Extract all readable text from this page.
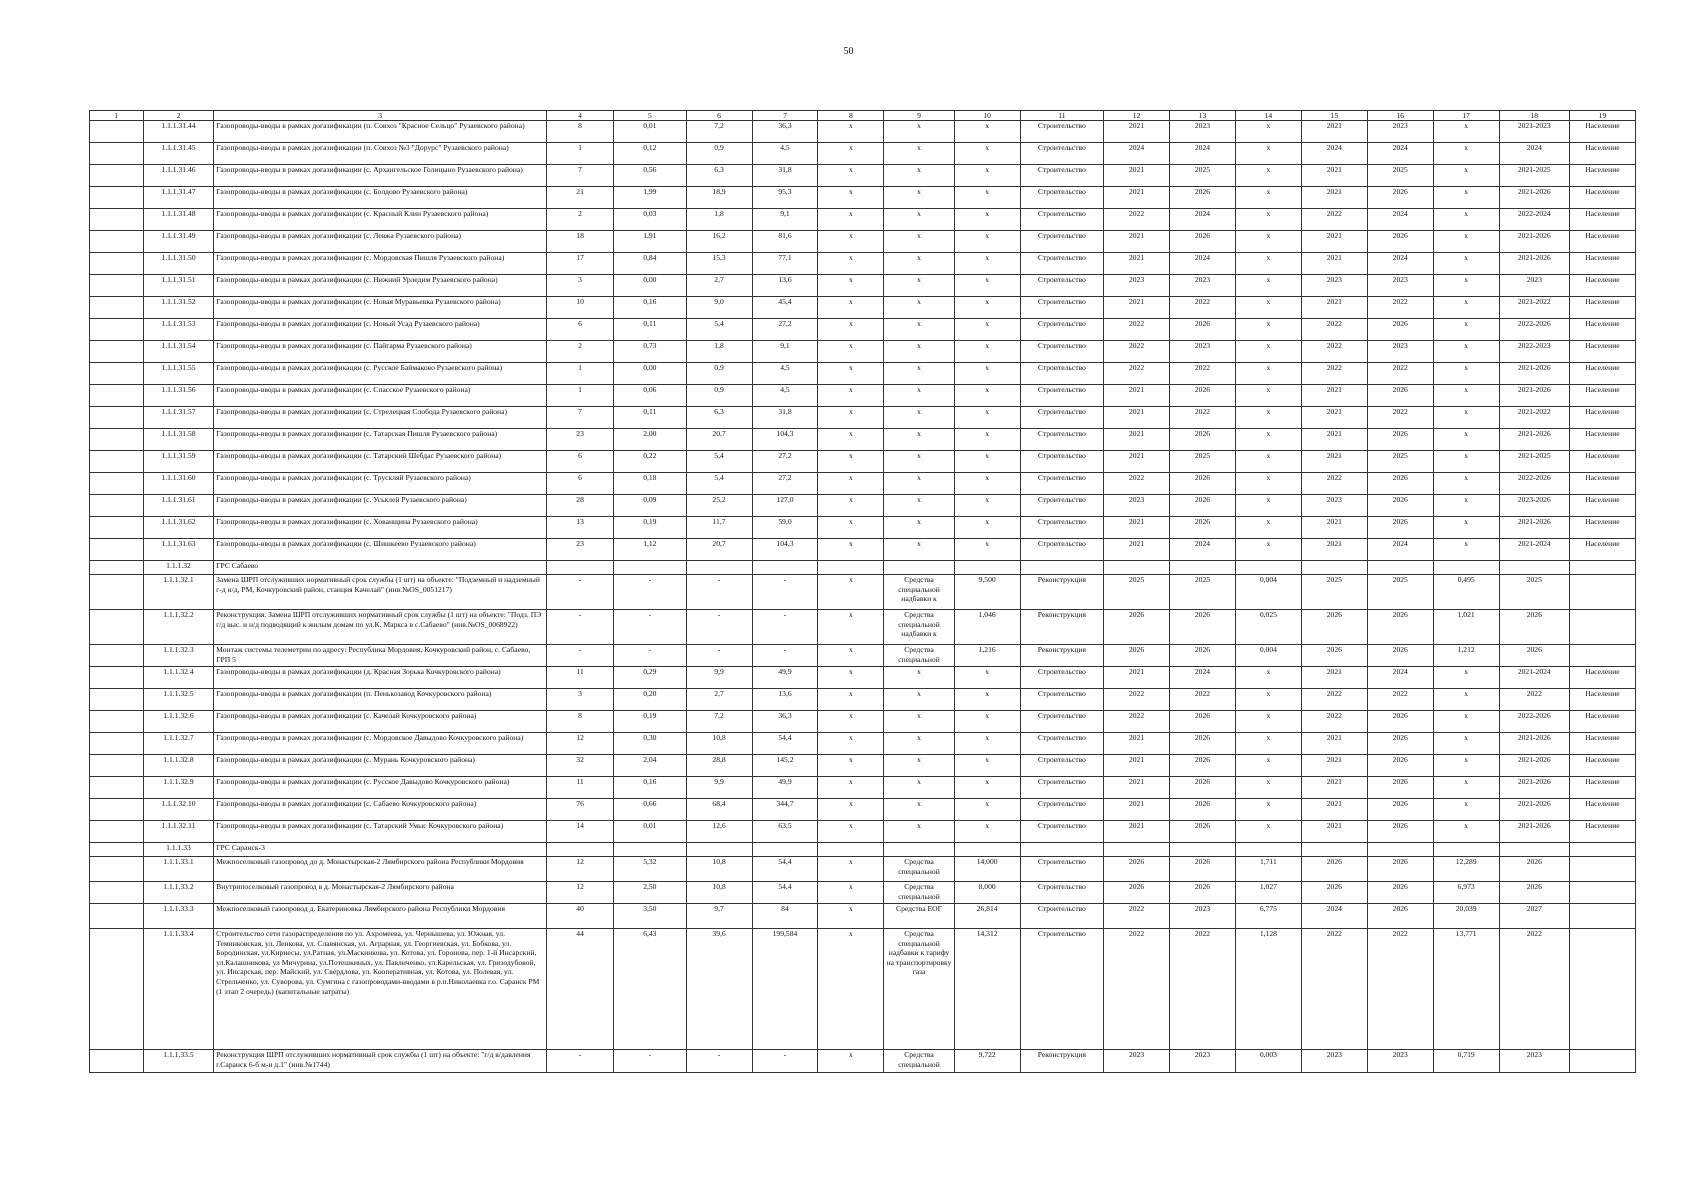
50
1	2	3	4	5	6	7	8	9	10	11	12	13	14	15	16	17	18	19
	1.1.1.31.44	Газопроводы-вводы в рамках догазификации (п. Совхоз "Красное Сельцо" Рузаевского района)	8	0,01	7,2	36,3	x	x	x	Строительство	2021	2023	x	2021	2023	x	2021-2023	Население
	1.1.1.31.45	Газопроводы-вводы в рамках догазификации (п. Совхоз №3 "Дорурс" Рузаевского района)	1	0,12	0,9	4,5	x	x	x	Строительство	2024	2024	x	2024	2024	x	2024	Население
	1.1.1.31.46	Газопроводы-вводы в рамках догазификации (с. Архангельское Голицыно Рузаевского района)	7	0,56	6,3	31,8	x	x	x	Строительство	2021	2025	x	2021	2025	x	2021-2025	Население
	1.1.1.31.47	Газопроводы-вводы в рамках догазификации (с. Болдово Рузаевского района)	21	1,99	18,9	95,3	x	x	x	Строительство	2021	2026	x	2021	2026	x	2021-2026	Население
	1.1.1.31.48	Газопроводы-вводы в рамках догазификации (с. Красный Клин Рузаевского района)	2	0,03	1,8	9,1	x	x	x	Строительство	2022	2024	x	2022	2024	x	2022-2024	Население
	1.1.1.31.49	Газопроводы-вводы в рамках догазификации (с. Левжа Рузаевского района)	18	1,91	16,2	81,6	x	x	x	Строительство	2021	2026	x	2021	2026	x	2021-2026	Население
	1.1.1.31.50	Газопроводы-вводы в рамках догазификации (с. Мордовская Пишля Рузаевского района)	17	0,84	15,3	77,1	x	x	x	Строительство	2021	2024	x	2021	2024	x	2021-2026	Население
	1.1.1.31.51	Газопроводы-вводы в рамках догазификации (с. Нижний Урледим Рузаевского района)	3	0,00	2,7	13,6	x	x	x	Строительство	2023	2023	x	2023	2023	x	2023	Население
	1.1.1.31.52	Газопроводы-вводы в рамках догазификации (с. Новая Муравьевка Рузаевского района)	10	0,16	9,0	45,4	x	x	x	Строительство	2021	2022	x	2021	2022	x	2021-2022	Население
	1.1.1.31.53	Газопроводы-вводы в рамках догазификации (с. Новый Усад Рузаевского района)	6	0,11	5,4	27,2	x	x	x	Строительство	2022	2026	x	2022	2026	x	2022-2026	Население
	1.1.1.31.54	Газопроводы-вводы в рамках догазификации (с. Пайгарма Рузаевского района)	2	0,73	1,8	9,1	x	x	x	Строительство	2022	2023	x	2022	2023	x	2022-2023	Население
	1.1.1.31.55	Газопроводы-вводы в рамках догазификации (с. Русское Баймаково Рузаевского района)	1	0,00	0,9	4,5	x	x	x	Строительство	2022	2022	x	2022	2022	x	2021-2026	Население
	1.1.1.31.56	Газопроводы-вводы в рамках догазификации (с. Спасское Рузаевского района)	1	0,06	0,9	4,5	x	x	x	Строительство	2021	2026	x	2021	2026	x	2021-2026	Население
	1.1.1.31.57	Газопроводы-вводы в рамках догазификации (с. Стрелецкая Слобода Рузаевского района)	7	0,11	6,3	31,8	x	x	x	Строительство	2021	2022	x	2021	2022	x	2021-2022	Население
	1.1.1.31.58	Газопроводы-вводы в рамках догазификации (с. Татарская Пишля Рузаевского района)	23	2,00	20,7	104,3	x	x	x	Строительство	2021	2026	x	2021	2026	x	2021-2026	Население
	1.1.1.31.59	Газопроводы-вводы в рамках догазификации (с. Татарский Шебдас Рузаевского района)	6	0,22	5,4	27,2	x	x	x	Строительство	2021	2025	x	2021	2025	x	2021-2025	Население
	1.1.1.31.60	Газопроводы-вводы в рамках догазификации (с. Трускляй Рузаевского района)	6	0,18	5,4	27,2	x	x	x	Строительство	2022	2026	x	2022	2026	x	2022-2026	Население
	1.1.1.31.61	Газопроводы-вводы в рамках догазификации (с. Уськлей Рузаевского района)	28	0,09	25,2	127,0	x	x	x	Строительство	2023	2026	x	2023	2026	x	2023-2026	Население
	1.1.1.31.62	Газопроводы-вводы в рамках догазификации (с. Хованщина Рузаевского района)	13	0,19	11,7	59,0	x	x	x	Строительство	2021	2026	x	2021	2026	x	2021-2026	Население
	1.1.1.31.63	Газопроводы-вводы в рамках догазификации (с. Шишкеево Рузаевского района)	23	1,12	20,7	104,3	x	x	x	Строительство	2021	2024	x	2021	2024	x	2021-2024	Население
	1.1.1.32	ГРС Сабаево																
	1.1.1.32.1	Замена ШРП отслуживших нормативный срок службы (1 шт) на объекте: "Подземный и надземный г-д н/д, РМ, Кочкуровский район, станция Качелай" (инв.№OS_0051217)	-	-	-	-	x	Средства специальной надбавки к	9,500	Реконструкция	2025	2025	0,004	2025	2025	0,495	2025	
	1.1.1.32.2	Реконструкция. Замена ШРП отслуживших нормативный срок службы (1 шт) на объекте: "Подз. ПЭ г/д выс. и н/д подводящий к жилым домам по ул.К. Маркса в с.Сабаево" (инв.№OS_0068922)	-	-	-	-	x	Средства специальной надбавки к	1,046	Реконструкция	2026	2026	0,025	2026	2026	1,021	2026	
	1.1.1.32.3	Монтаж системы телеметрии по адресу: Республика Мордовия, Кочкуровский район, с. Сабаево, ГРП 5	-	-	-	-	x	Средства специальной	1,216	Реконструкция	2026	2026	0,004	2026	2026	1,212	2026	
	1.1.1.32.4	Газопроводы-вводы в рамках догазификации (д. Красная Зорька Кочкуровского района)	11	0,29	9,9	49,9	x	x	x	Строительство	2021	2024	x	2021	2024	x	2021-2024	Население
	1.1.1.32.5	Газопроводы-вводы в рамках догазификации (п. Пенькозавод Кочкуровского района)	3	0,20	2,7	13,6	x	x	x	Строительство	2022	2022	x	2022	2022	x	2022	Население
	1.1.1.32.6	Газопроводы-вводы в рамках догазификации (с. Качелай Кочкуровского района)	8	0,19	7,2	36,3	x	x	x	Строительство	2022	2026	x	2022	2026	x	2022-2026	Население
	1.1.1.32.7	Газопроводы-вводы в рамках догазификации (с. Мордовское Давыдово Кочкуровского района)	12	0,30	10,8	54,4	x	x	x	Строительство	2021	2026	x	2021	2026	x	2021-2026	Население
	1.1.1.32.8	Газопроводы-вводы в рамках догазификации (с. Мурань Кочкуровского района)	32	2,04	28,8	145,2	x	x	x	Строительство	2021	2026	x	2021	2026	x	2021-2026	Население
	1.1.1.32.9	Газопроводы-вводы в рамках догазификации (с. Русское Давыдово Кочкуровского района)	11	0,16	9,9	49,9	x	x	x	Строительство	2021	2026	x	2021	2026	x	2021-2026	Население
	1.1.1.32.10	Газопроводы-вводы в рамках догазификации (с. Сабаево Кочкуровского района)	76	0,66	68,4	344,7	x	x	x	Строительство	2021	2026	x	2021	2026	x	2021-2026	Население
	1.1.1.32.11	Газопроводы-вводы в рамках догазификации (с. Татарский Умыс Кочкуровского района)	14	0,01	12,6	63,5	x	x	x	Строительство	2021	2026	x	2021	2026	x	2021-2026	Население
	1.1.1.33	ГРС Саранск-3																
	1.1.1.33.1	Межпоселковый газопровод до д. Монастырская-2 Лямбирского района Республики Мордовия	12	5,32	10,8	54,4	x	Средства специальной	14,000	Строительство	2026	2026	1,711	2026	2026	12,289	2026	
	1.1.1.33.2	Внутрипоселковый газопровод в д. Монастырская-2 Лямбирского района	12	2,50	10,8	54,4	x	Средства специальной	8,000	Строительство	2026	2026	1,027	2026	2026	6,973	2026	
	1.1.1.33.3	Межпоселковый газопровод д. Екатериновка Лямбирского района Республики Мордовия	40	3,50	9,7	84	x	Средства ЕОГ	26,814	Строительство	2022	2023	6,775	2024	2026	20,039	2027	
	1.1.1.33.4	Строительство сети газораспределения по ул. Ахромеева, ул. Чернышева, ул. Южная, ул. Теминковская, ул. Ленкова, ул. Славянская, ул. Аграрная, ул. Георгиевская, ул. Бобкова, ул. Бородинская, ул.Кирнесы, ул.Ратная, ул.Маскинкова, ул. Котова, ул. Горонова, пер. 1-й Инсарский, ул.Калашникова, ул Мичурина, ул.Потешкиных, ул. Павличенко, ул.Карельская, ул. Гризодубовой, ул. Инсарская, пер. Майский, ул. Свердлова, ул. Кооперативная, ул. Котова, ул. Полевая, ул. Стрельченко, ул. Суворова, ул. Сумгина с газопроводами-вводами в р.п.Николаевка г.о. Саранск РМ (1 этап 2 очередь) (капитальные затраты)	44	6,43	39,6	199,584	x	Средства специальной надбавки к тарифу на транспортировку газа	14,312	Строительство	2022	2022	1,128	2022	2022	13,771	2022	
	1.1.1.33.5	Реконструкция ШРП отслуживших нормативный срок службы (1 шт) на объекте: "г/д в/давления г.Саранск 6-б м-н д.1" (инв.№1744)	-	-	-	-	x	Средства специальной	9,722	Реконструкция	2023	2023	0,003	2023	2023	0,719	2023	
